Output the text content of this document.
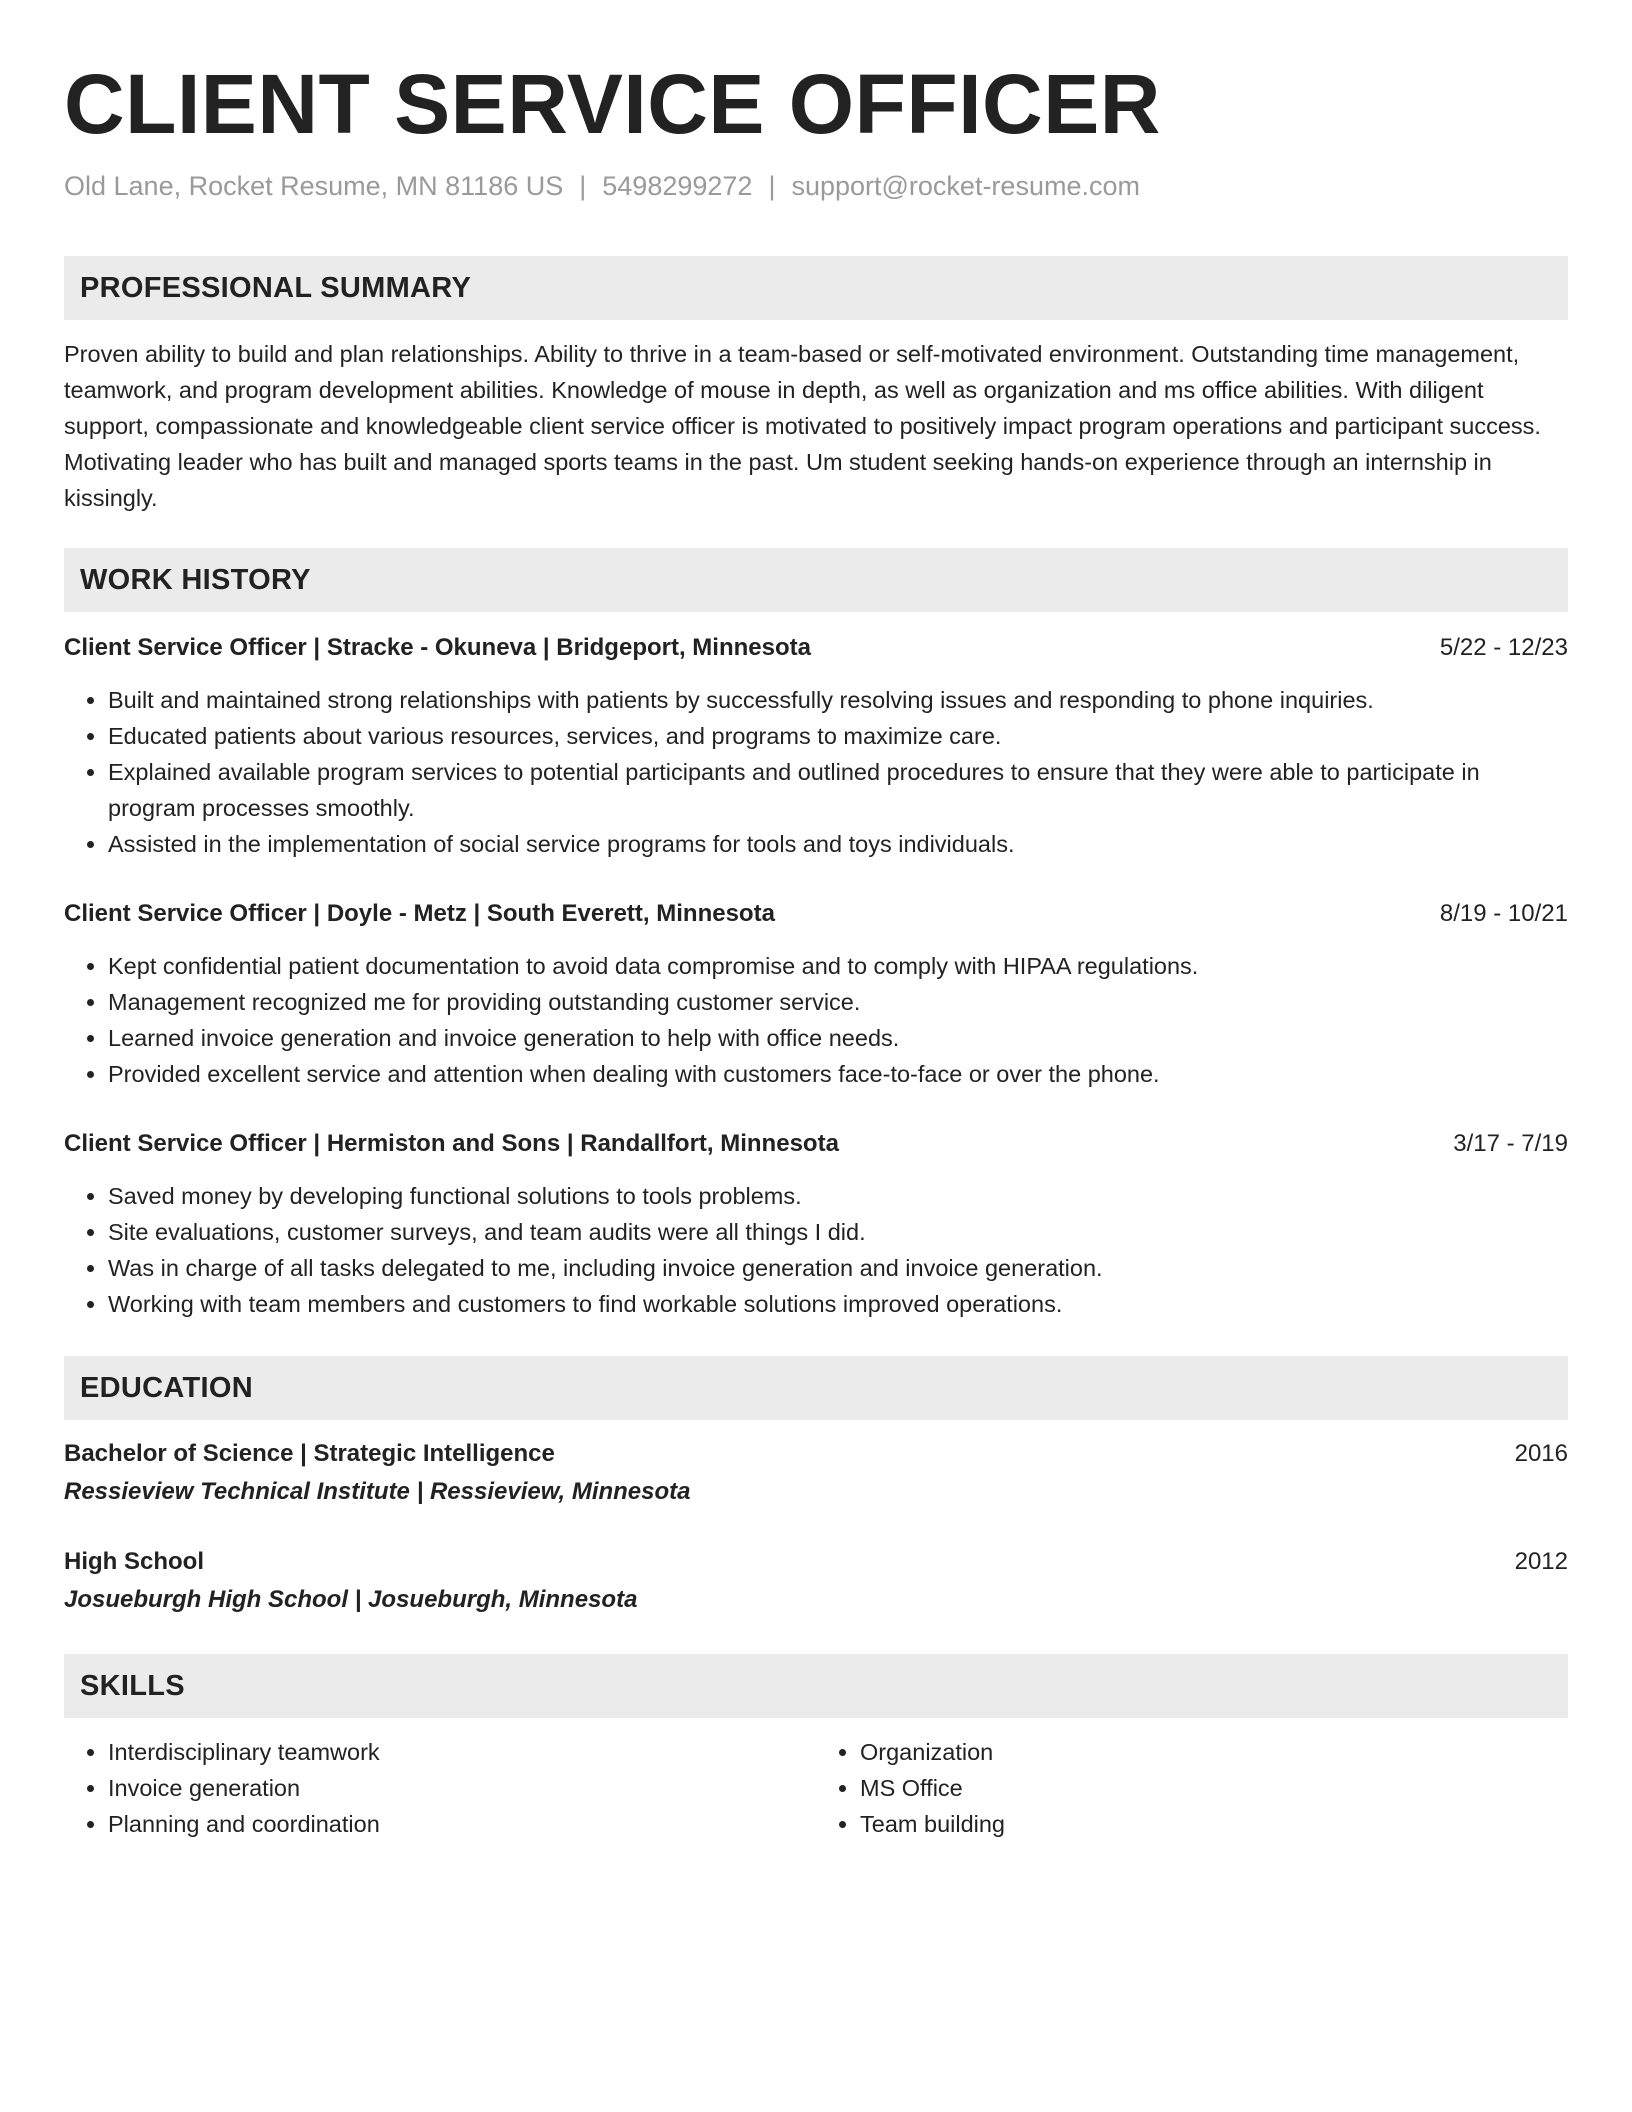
CLIENT SERVICE OFFICER
Old Lane, Rocket Resume, MN 81186 US | 5498299272 | support@rocket-resume.com
PROFESSIONAL SUMMARY

Proven ability to build and plan relationships. Ability to thrive in a team-based or self-motivated environment. Outstanding time management, teamwork, and program development abilities. Knowledge of mouse in depth, as well as organization and ms office abilities. With diligent support, compassionate and knowledgeable client service officer is motivated to positively impact program operations and participant success. Motivating leader who has built and managed sports teams in the past. Um student seeking hands-on experience through an internship in kissingly.

WORK HISTORY
Client Service Officer | Stracke - Okuneva | Bridgeport, Minnesota	5/22 - 12/23
• Built and maintained strong relationships with patients by successfully resolving issues and responding to phone inquiries.
• Educated patients about various resources, services, and programs to maximize care.
• Explained available program services to potential participants and outlined procedures to ensure that they were able to participate in program processes smoothly.
• Assisted in the implementation of social service programs for tools and toys individuals.
Client Service Officer | Doyle - Metz | South Everett, Minnesota	8/19 - 10/21
• Kept confidential patient documentation to avoid data compromise and to comply with HIPAA regulations.
• Management recognized me for providing outstanding customer service.
• Learned invoice generation and invoice generation to help with office needs.
• Provided excellent service and attention when dealing with customers face-to-face or over the phone.
Client Service Officer | Hermiston and Sons | Randallfort, Minnesota	3/17 - 7/19
• Saved money by developing functional solutions to tools problems.
• Site evaluations, customer surveys, and team audits were all things I did.
• Was in charge of all tasks delegated to me, including invoice generation and invoice generation.
• Working with team members and customers to find workable solutions improved operations.
EDUCATION
Bachelor of Science | Strategic Intelligence	2016
Ressieview Technical Institute | Ressieview, Minnesota
High School	2012
Josueburgh High School | Josueburgh, Minnesota
SKILLS
• Interdisciplinary teamwork
• Invoice generation
• Planning and coordination
• Organization
• MS Office
• Team building
